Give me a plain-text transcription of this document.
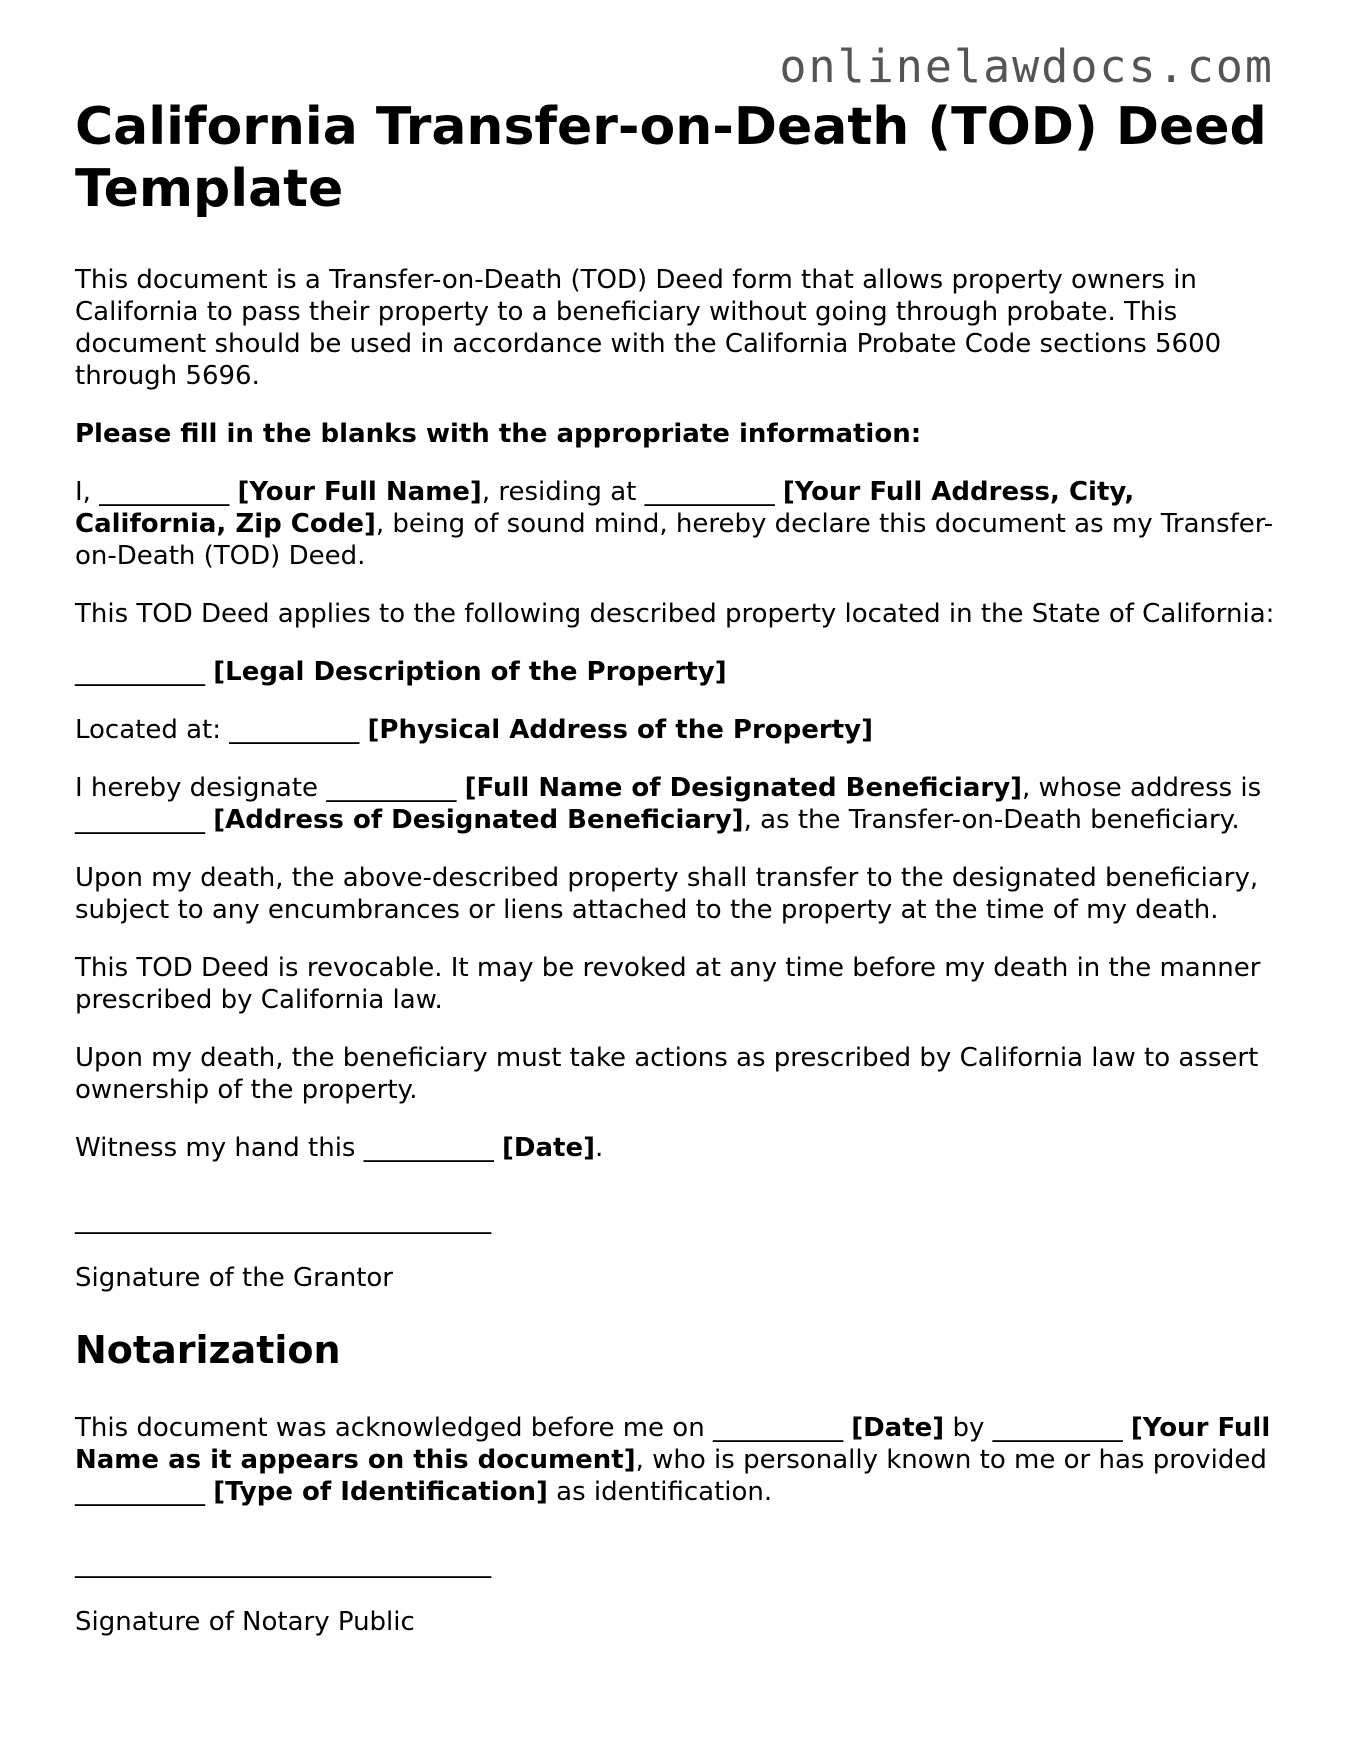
onlinelawdocs.com
California Transfer-on-Death (TOD) Deed Template

This document is a Transfer-on-Death (TOD) Deed form that allows property owners in California to pass their property to a beneficiary without going through probate. This document should be used in accordance with the California Probate Code sections 5600 through 5696.

Please fill in the blanks with the appropriate information:

I, __________ [Your Full Name], residing at __________ [Your Full Address, City, California, Zip Code], being of sound mind, hereby declare this document as my Transfer-on-Death (TOD) Deed.

This TOD Deed applies to the following described property located in the State of California:

__________ [Legal Description of the Property]

Located at: __________ [Physical Address of the Property]

I hereby designate __________ [Full Name of Designated Beneficiary], whose address is __________ [Address of Designated Beneficiary], as the Transfer-on-Death beneficiary.

Upon my death, the above-described property shall transfer to the designated beneficiary, subject to any encumbrances or liens attached to the property at the time of my death.

This TOD Deed is revocable. It may be revoked at any time before my death in the manner prescribed by California law.

Upon my death, the beneficiary must take actions as prescribed by California law to assert ownership of the property.

Witness my hand this __________ [Date].

________________________________

Signature of the Grantor

Notarization

This document was acknowledged before me on __________ [Date] by __________ [Your Full Name as it appears on this document], who is personally known to me or has provided __________ [Type of Identification] as identification.

________________________________

Signature of Notary Public
